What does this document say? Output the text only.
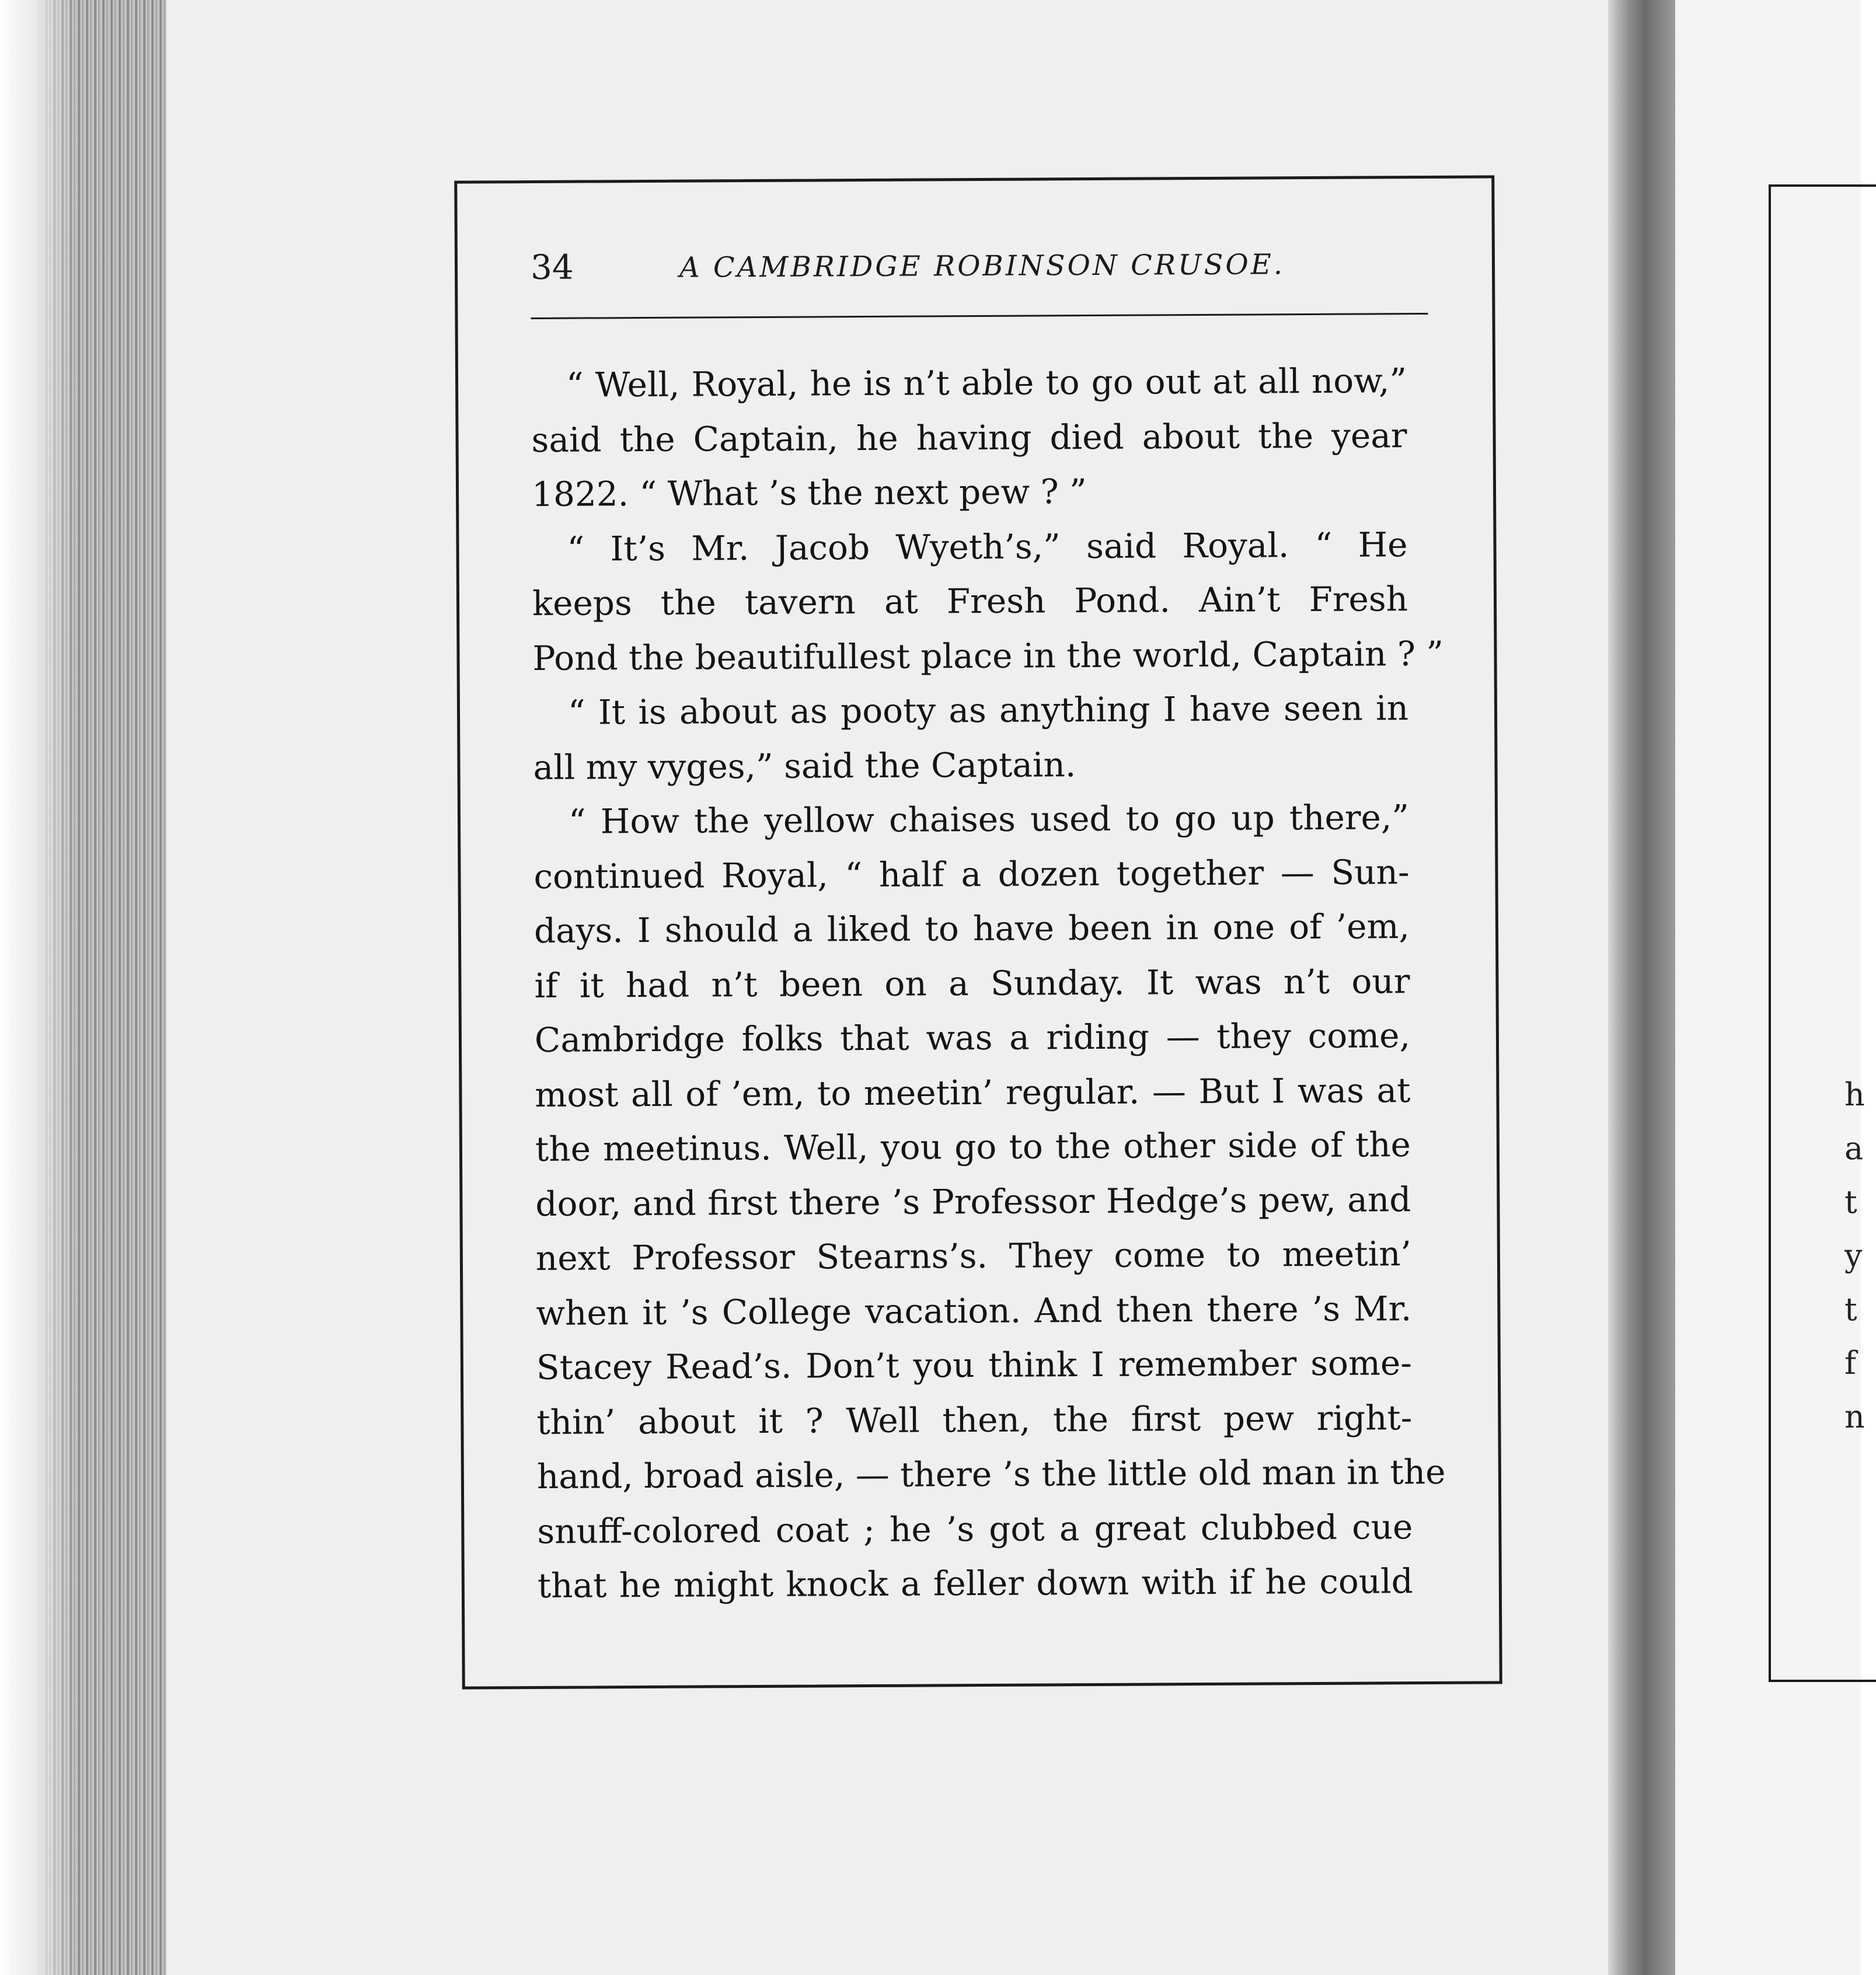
h
a
t
y
t
f
n
34	A CAMBRIDGE ROBINSON CRUSOE.
“ Well, Royal, he is n’t able to go out at all now,”
said the Captain, he having died about the year
1822. “ What ’s the next pew ? ”
“ It’s Mr. Jacob Wyeth’s,” said Royal. “ He
keeps the tavern at Fresh Pond. Ain’t Fresh
Pond the beautifullest place in the world, Captain ? ”
“ It is about as pooty as anything I have seen in
all my vyges,” said the Captain.
“ How the yellow chaises used to go up there,”
continued Royal, “ half a dozen together — Sun-
days. I should a liked to have been in one of ’em,
if it had n’t been on a Sunday. It was n’t our
Cambridge folks that was a riding — they come,
most all of ’em, to meetin’ regular. — But I was at
the meetinus. Well, you go to the other side of the
door, and first there ’s Professor Hedge’s pew, and
next Professor Stearns’s. They come to meetin’
when it ’s College vacation. And then there ’s Mr.
Stacey Read’s. Don’t you think I remember some-
thin’ about it ? Well then, the first pew right-
hand, broad aisle, — there ’s the little old man in the
snuff-colored coat ; he ’s got a great clubbed cue
that he might knock a feller down with if he could
